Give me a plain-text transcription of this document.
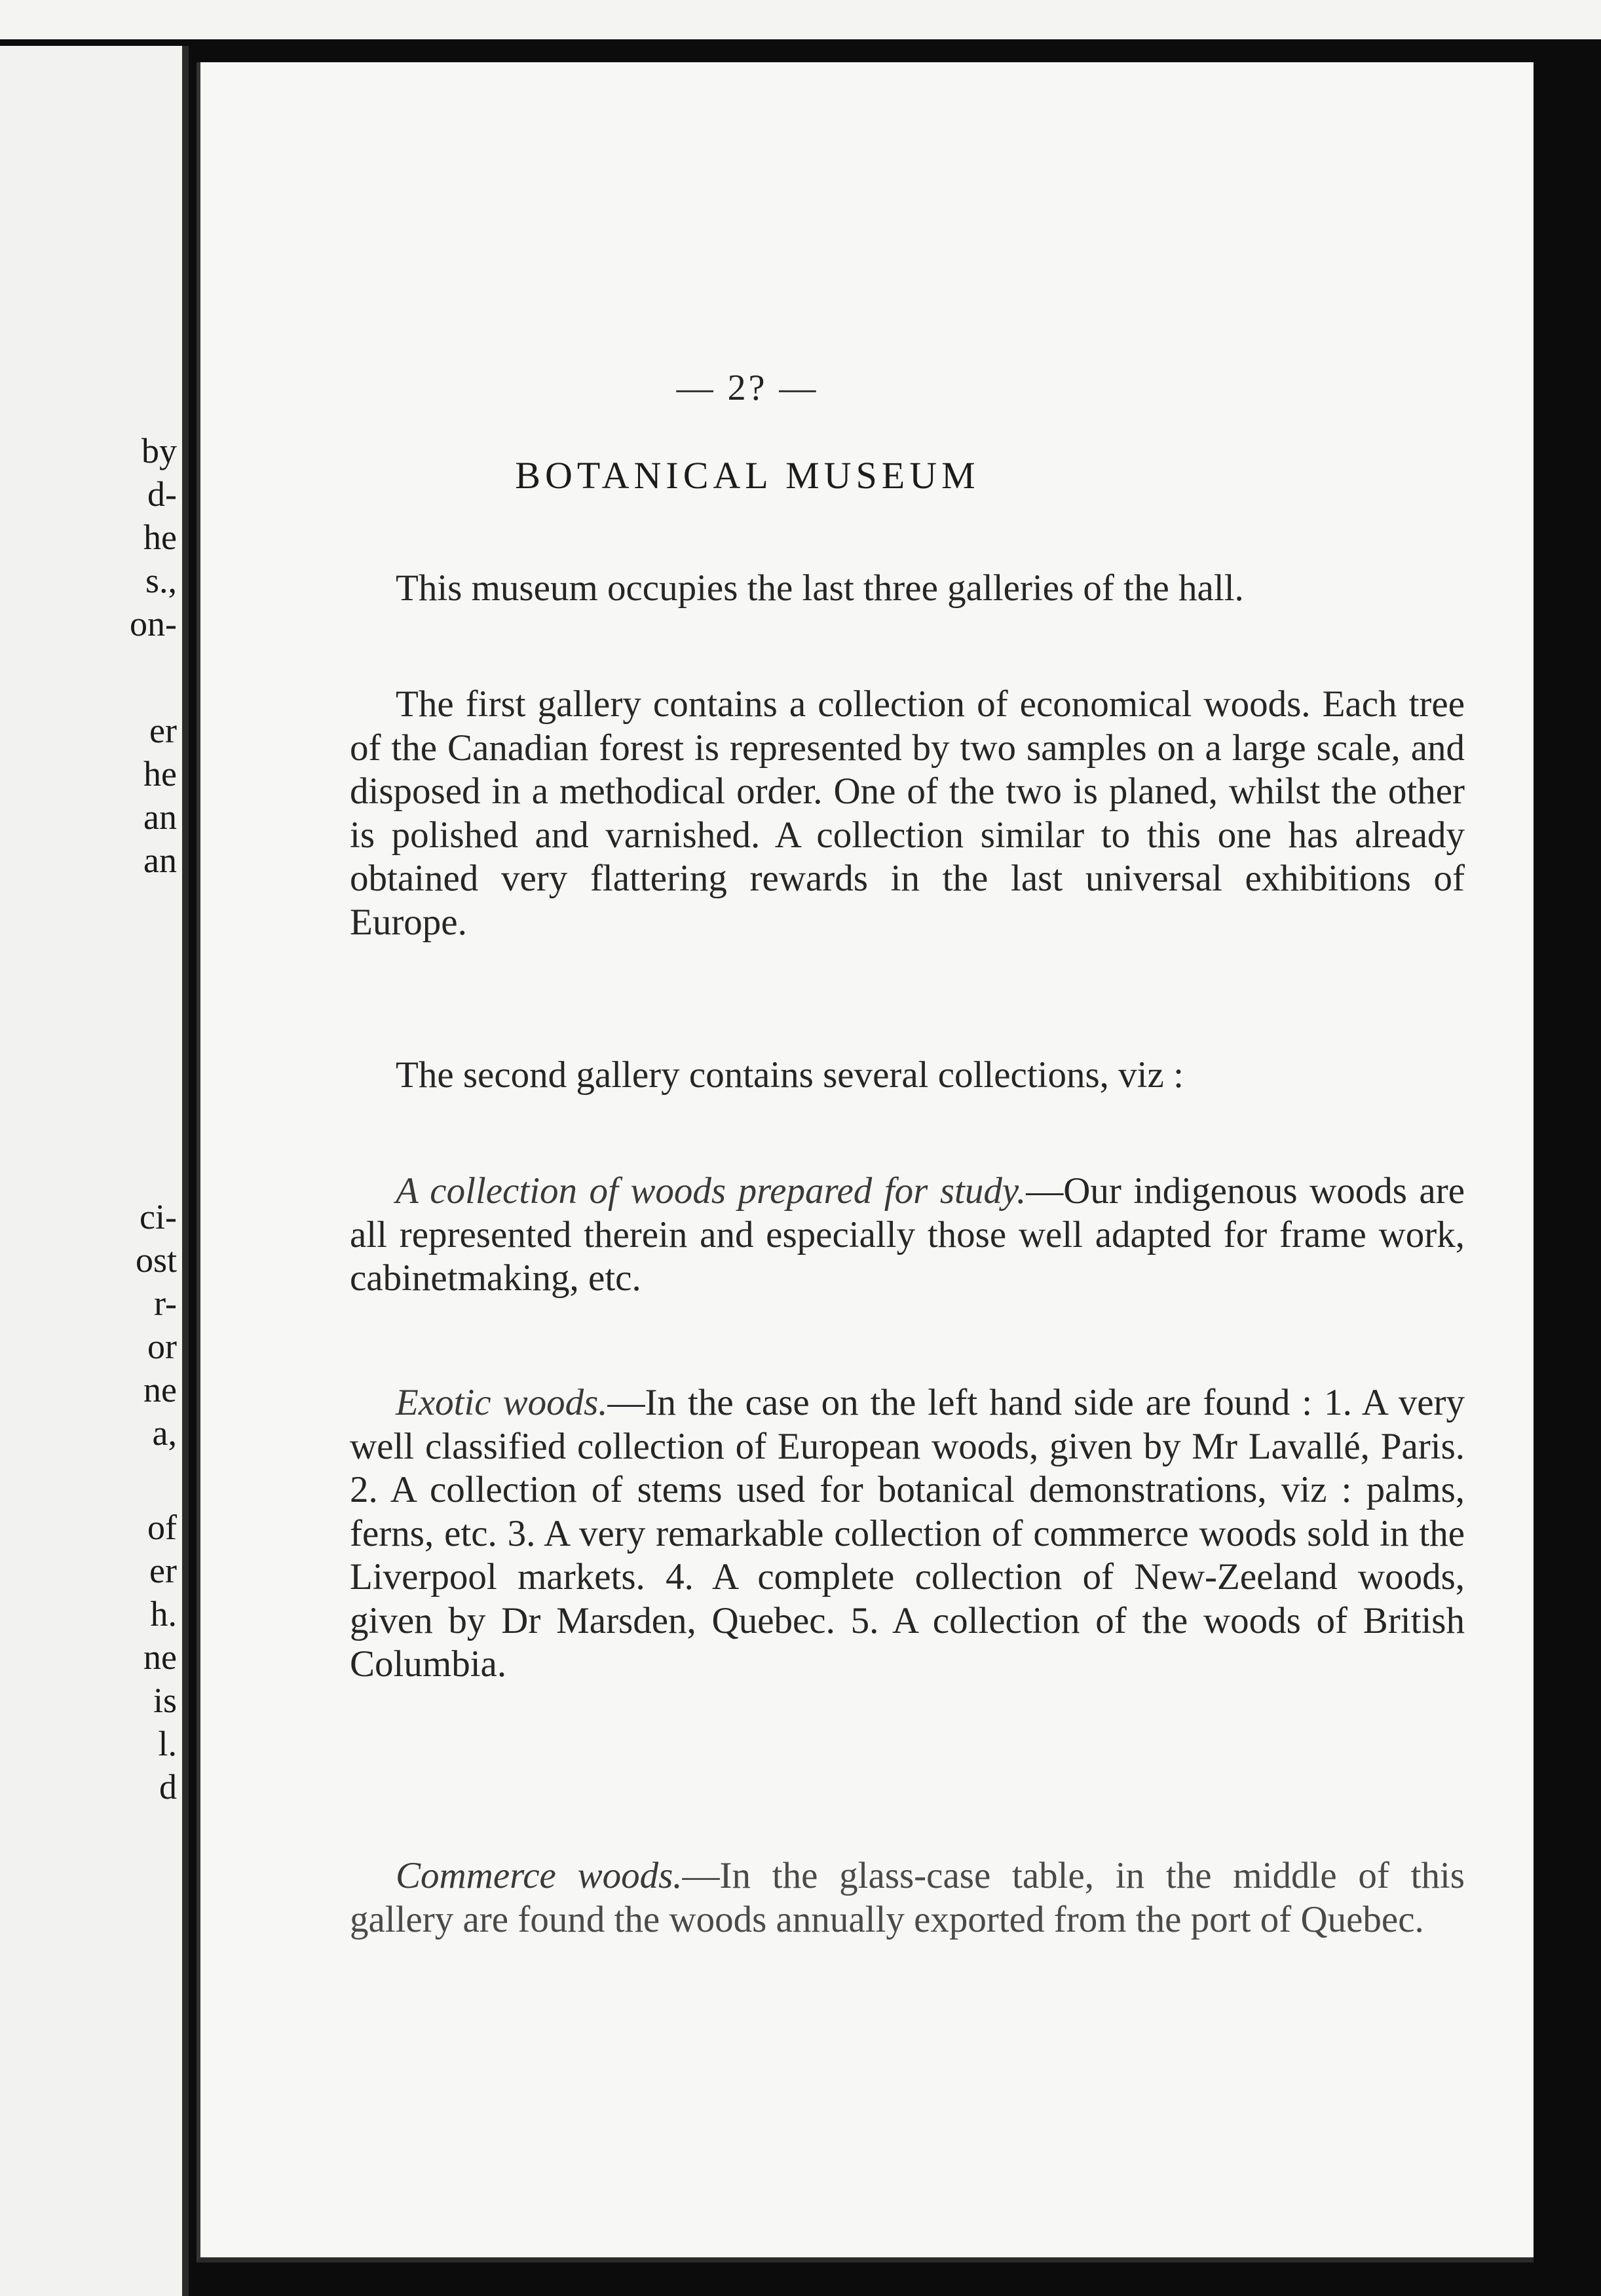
by
d-
he
s.,
on-
er
he
an
an
ci-
ost
r-
or
ne
a,
of
er
h.
ne
is
l.
d
— 2? —
BOTANICAL MUSEUM

This museum occupies the last three galleries of the hall.

The first gallery contains a collection of economical woods. Each tree of the Canadian forest is represented by two samples on a large scale, and disposed in a methodical order. One of the two is planed, whilst the other is polished and varnished. A collection similar to this one has already obtained very flattering rewards in the last universal exhibitions of Europe.

The second gallery contains several collections, viz :

A collection of woods prepared for study.—Our indigenous woods are all represented therein and especially those well adapted for frame work, cabinetmaking, etc.

Exotic woods.—In the case on the left hand side are found : 1. A very well classified collection of European woods, given by Mr Lavallé, Paris. 2. A collection of stems used for botanical demonstrations, viz : palms, ferns, etc. 3. A very remarkable collection of commerce woods sold in the Liverpool markets. 4. A complete collection of New-Zeeland woods, given by Dr Marsden, Quebec. 5. A collection of the woods of British Columbia.

Commerce woods.—In the glass-case table, in the middle of this gallery are found the woods annually exported from the port of Quebec.
